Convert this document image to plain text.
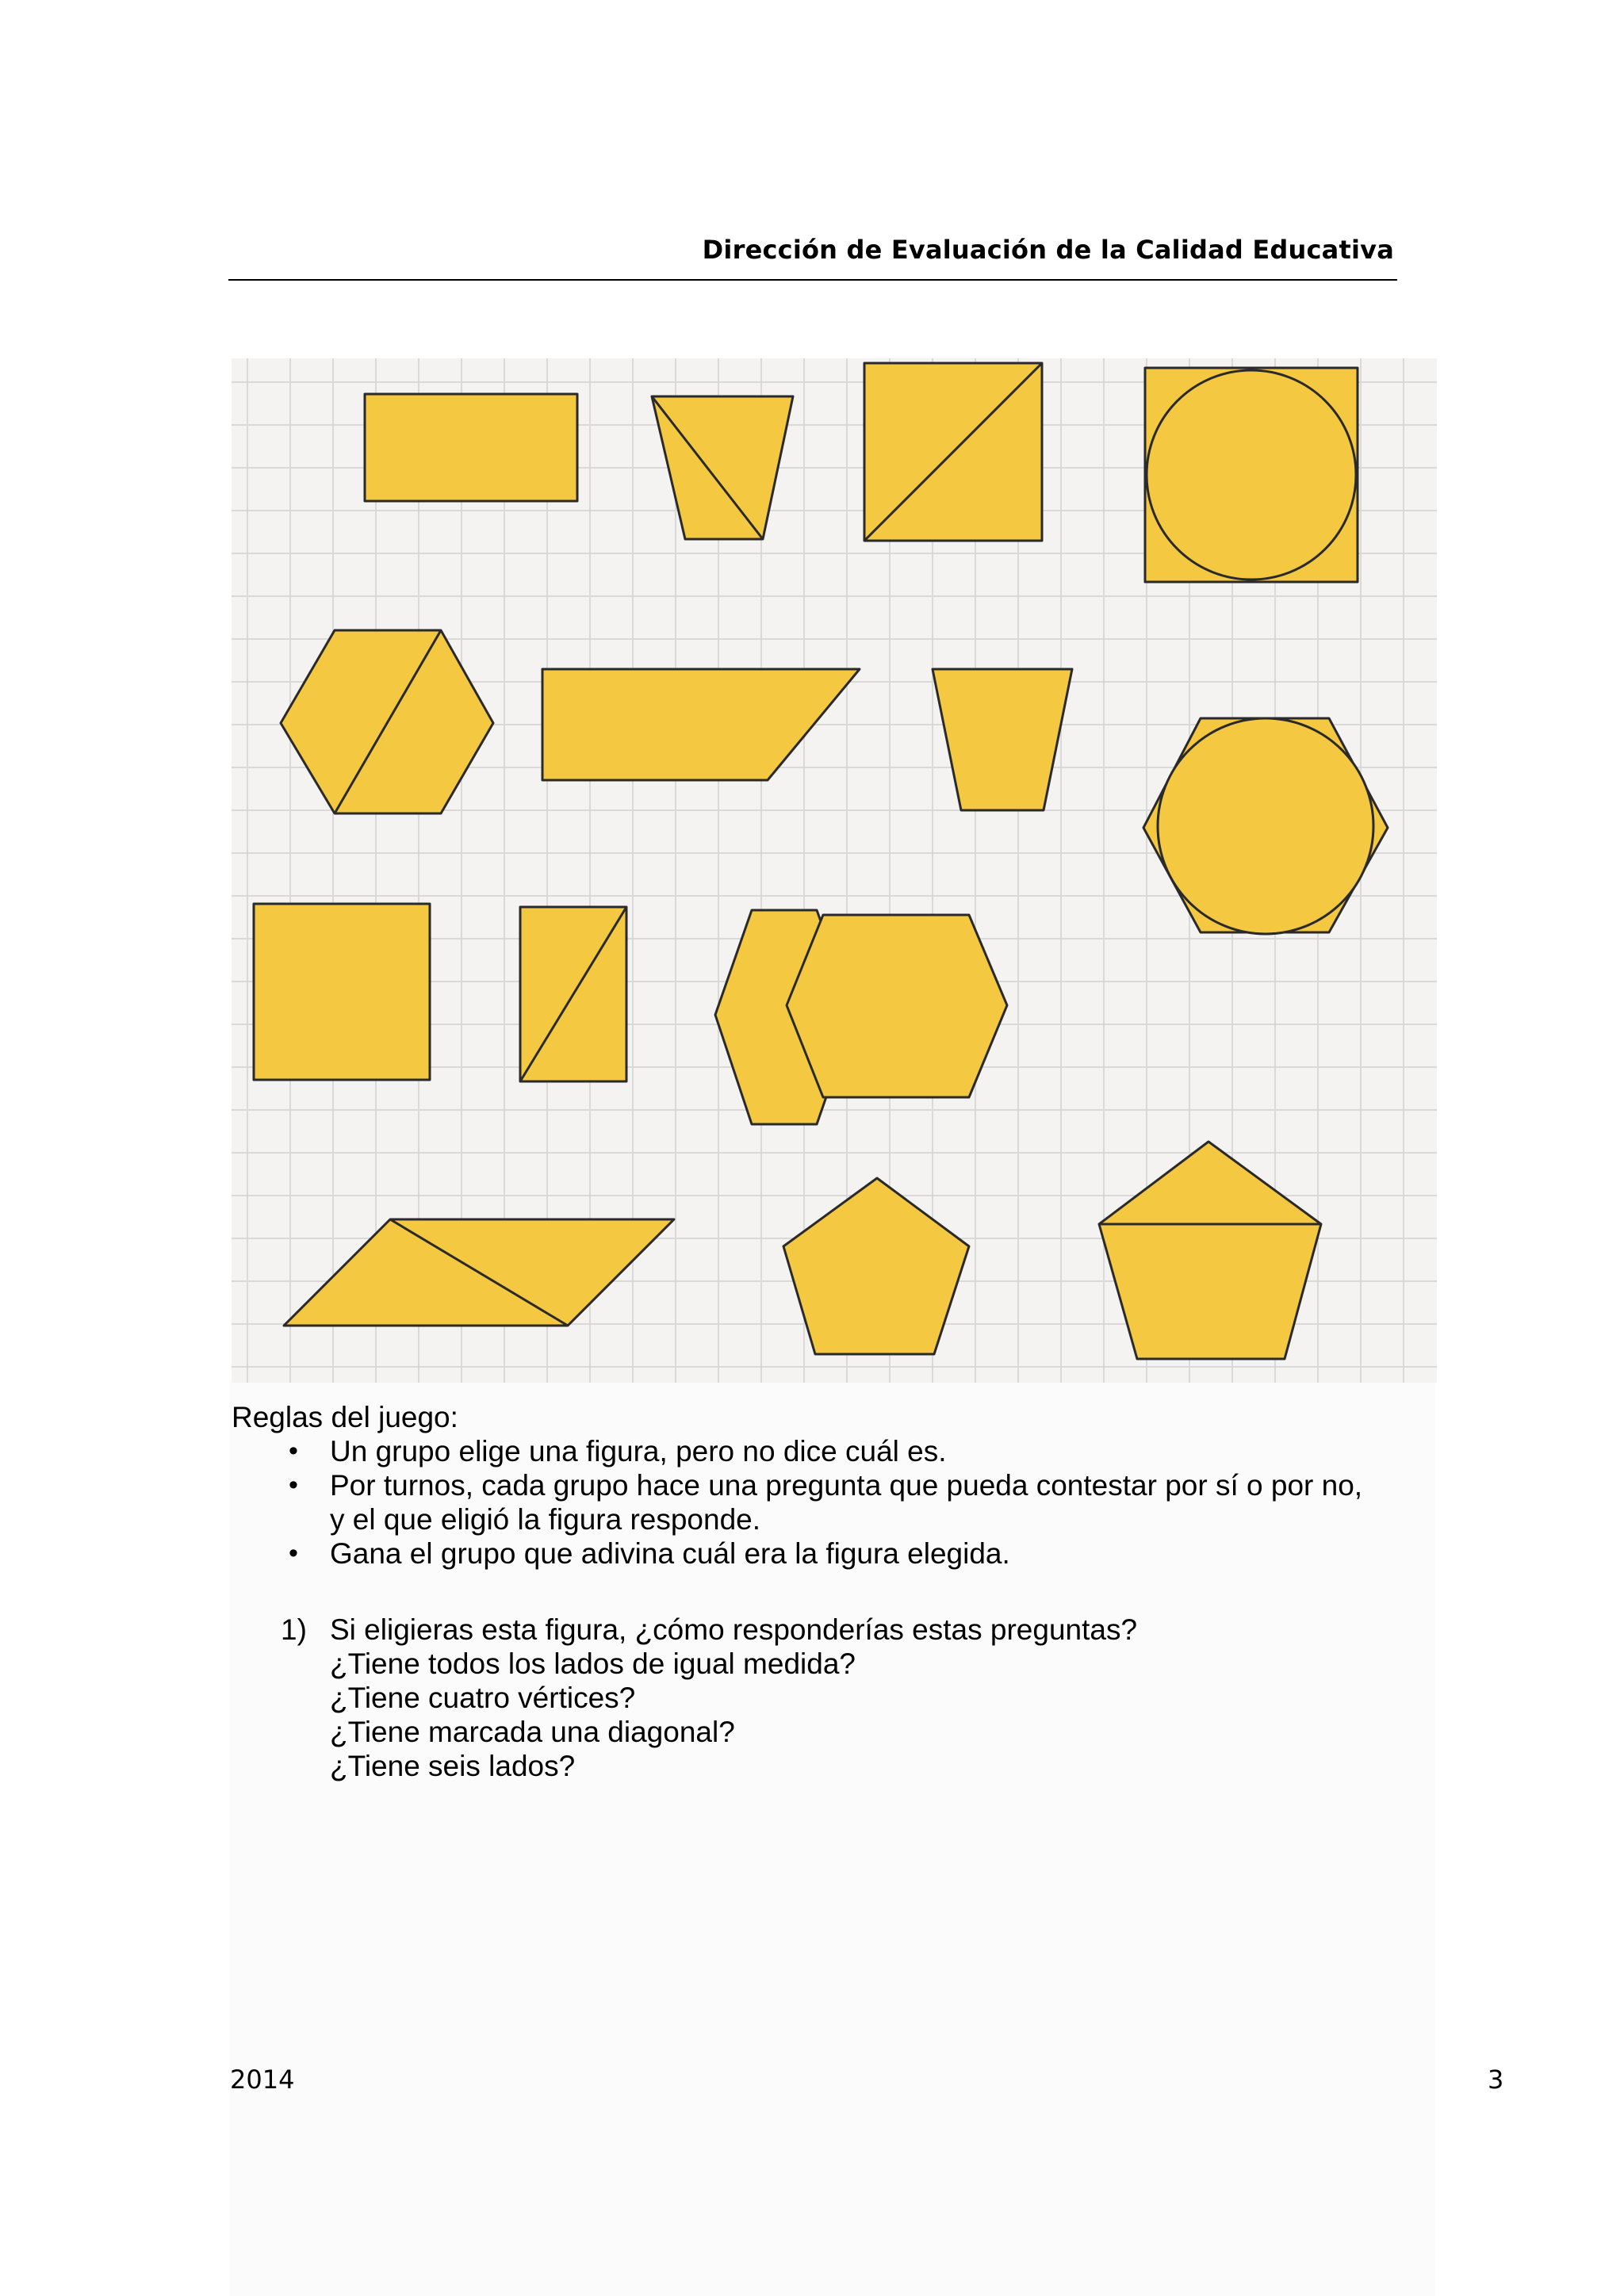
Dirección de Evaluación de la Calidad Educativa
Reglas del juego:
• Un grupo elige una figura, pero no dice cuál es.
• Por turnos, cada grupo hace una pregunta que pueda contestar por sí o por no,
y el que eligió la figura responde.
• Gana el grupo que adivina cuál era la figura elegida.
1) Si eligieras esta figura, ¿cómo responderías estas preguntas?
¿Tiene todos los lados de igual medida?
¿Tiene cuatro vértices?
¿Tiene marcada una diagonal?
¿Tiene seis lados?
2014	3
